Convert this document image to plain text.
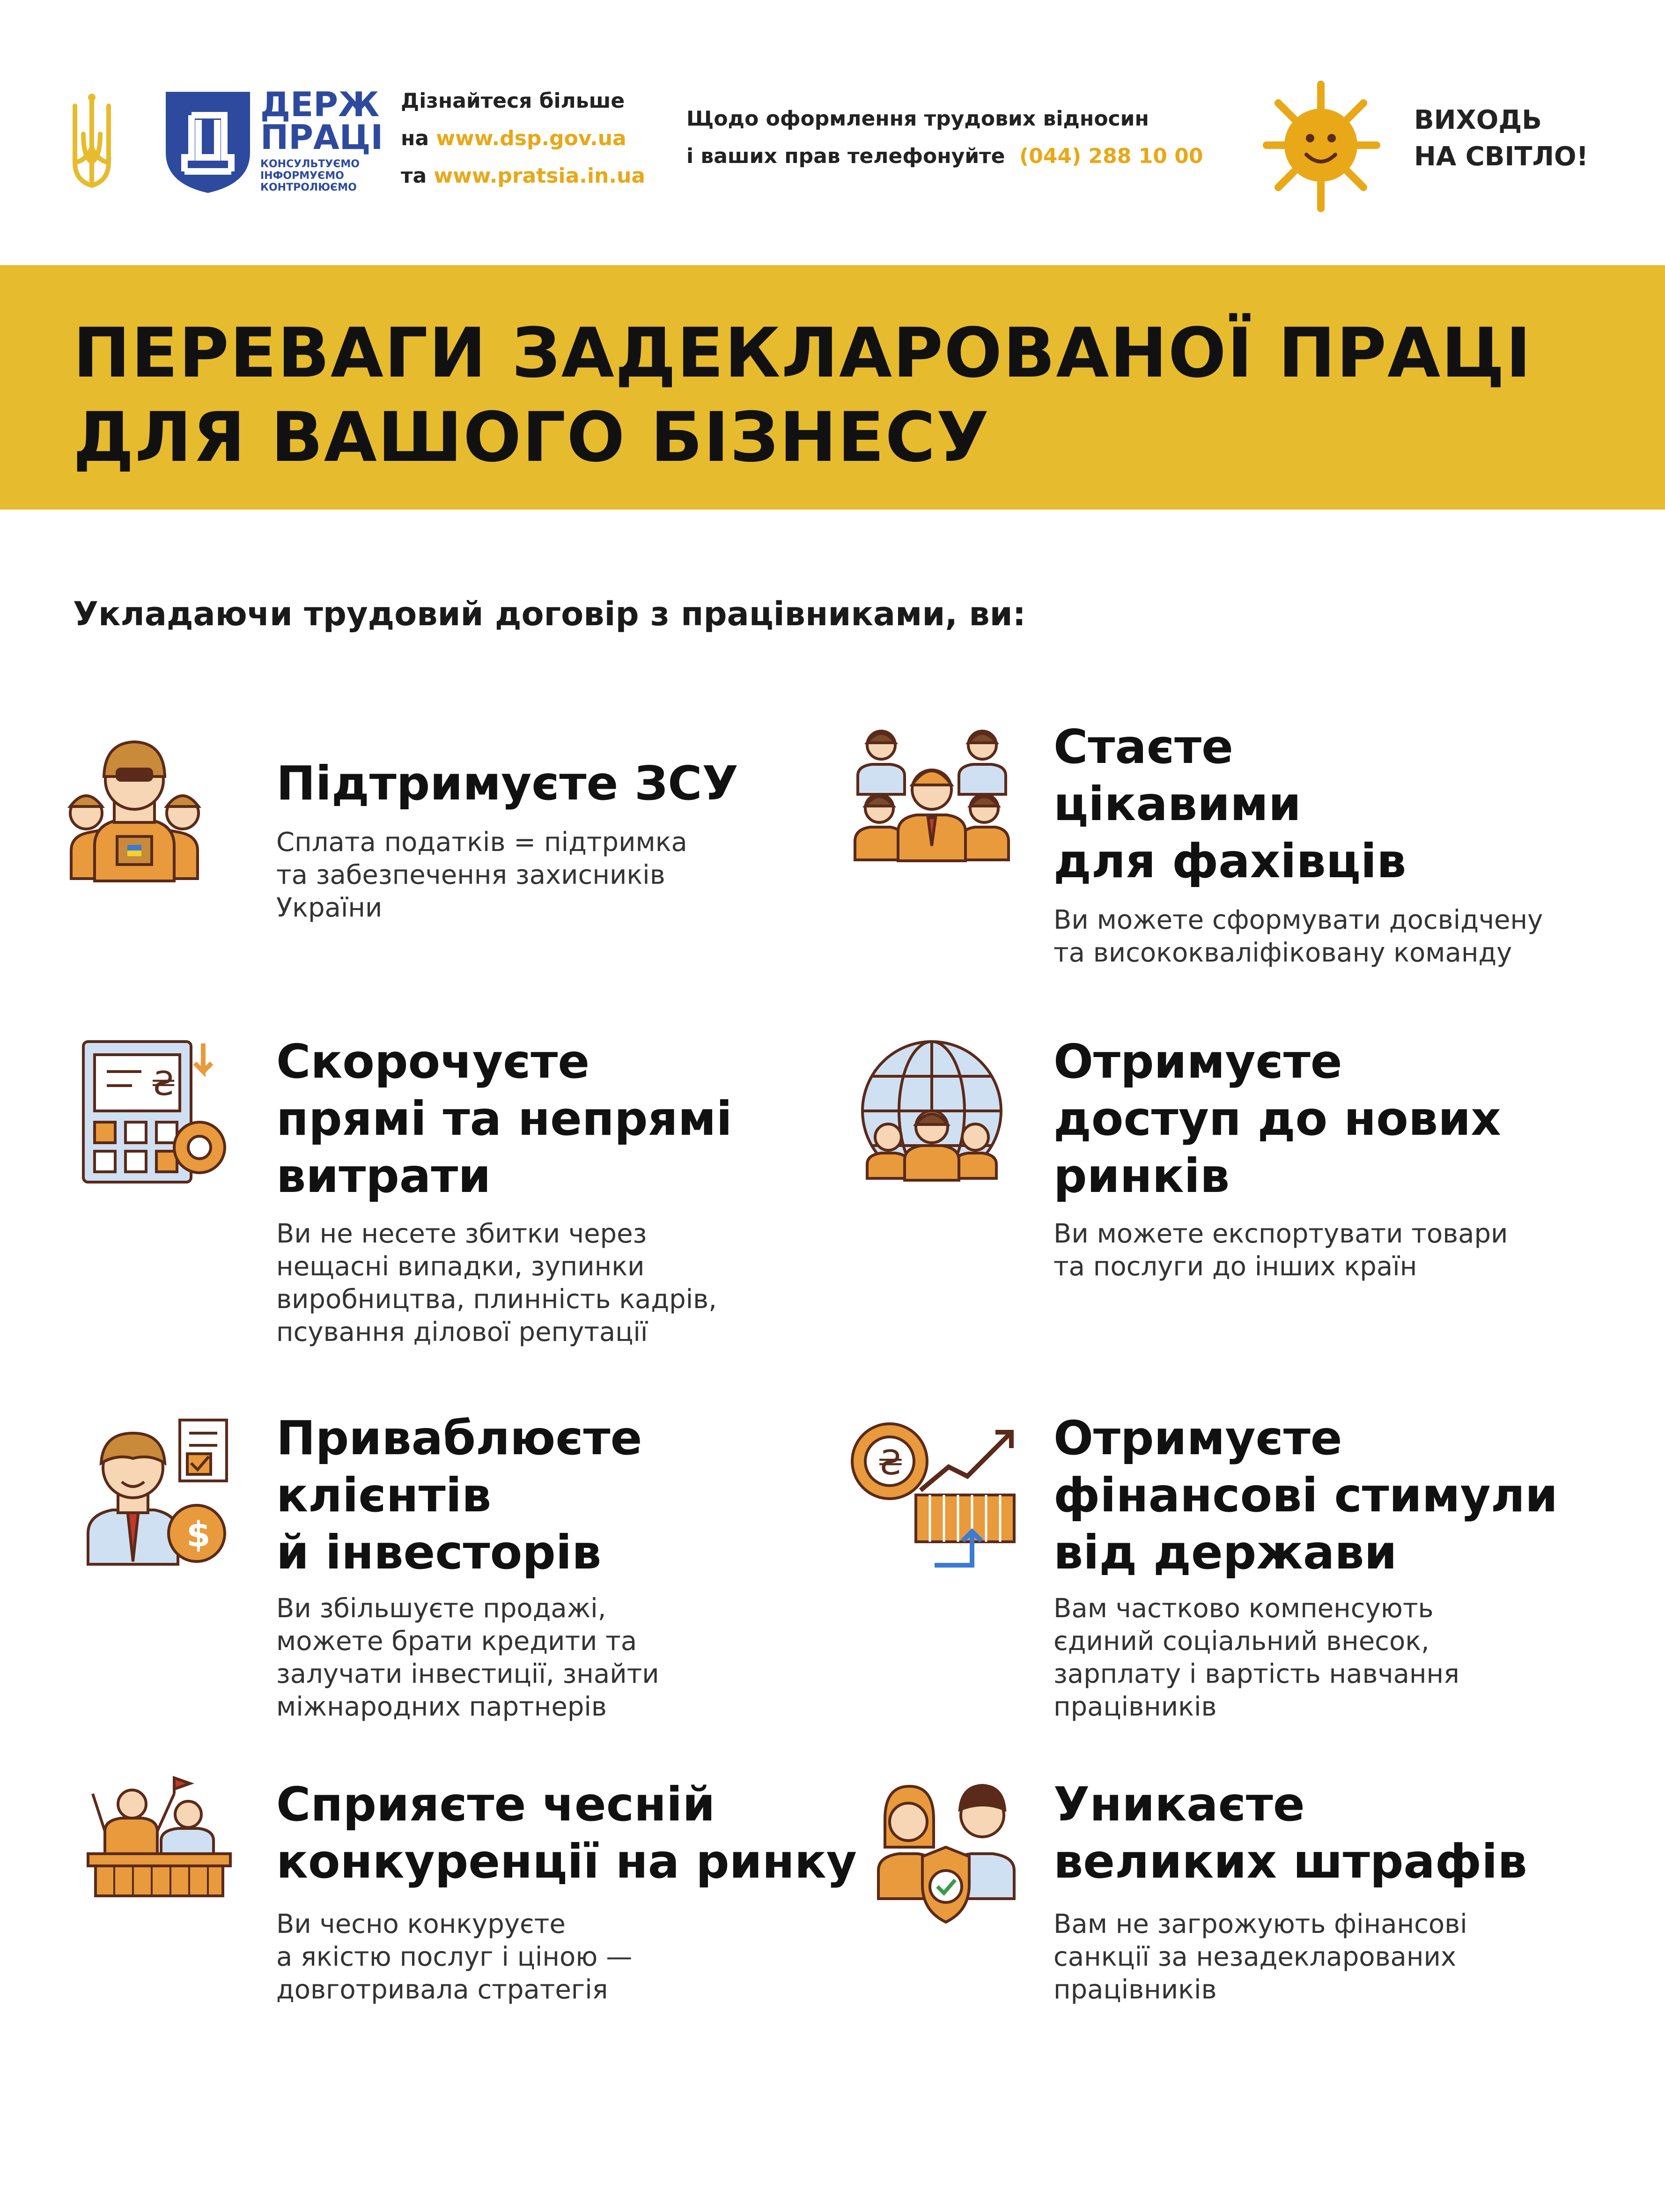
ДЕРЖ
ПРАЦІ
КОНСУЛЬТУЄМО
ІНФОРМУЄМО
КОНТРОЛЮЄМО
Дізнайтеся більше
на www.dsp.gov.ua
та www.pratsia.in.ua
Щодо оформлення трудових відносин
і ваших прав телефонуйте (044) 288 10 00
ВИХОДЬ
НА СВІТЛО!
ПЕРЕВАГИ ЗАДЕКЛАРОВАНОЇ ПРАЦІ
ДЛЯ ВАШОГО БІЗНЕСУ
Укладаючи трудовий договір з працівниками, ви:
Підтримуєте ЗСУ
Сплата податків = підтримка
та забезпечення захисників
України
Стаєте
цікавими
для фахівців
Ви можете сформувати досвідчену
та висококваліфіковану команду
₴ Скорочуєте
прямі та непрямі
витрати
Ви не несете збитки через
нещасні випадки, зупинки
виробництва, плинність кадрів,
псування ділової репутації
Отримуєте
доступ до нових
ринків
Ви можете експортувати товари
та послуги до інших країн
$
Приваблюєте
клієнтів
й інвесторів
Ви збільшуєте продажі,
можете брати кредити та
залучати інвестиції, знайти
міжнародних партнерів
₴	Отримуєте
фінансові стимули
від держави
Вам частково компенсують
єдиний соціальний внесок,
зарплату і вартість навчання
працівників
Сприяєте чесній
конкуренції на ринку
Ви чесно конкуруєте
а якістю послуг і ціною —
довготривала стратегія
Уникаєте
великих штрафів
Вам не загрожують фінансові
санкції за незадекларованих
працівників
